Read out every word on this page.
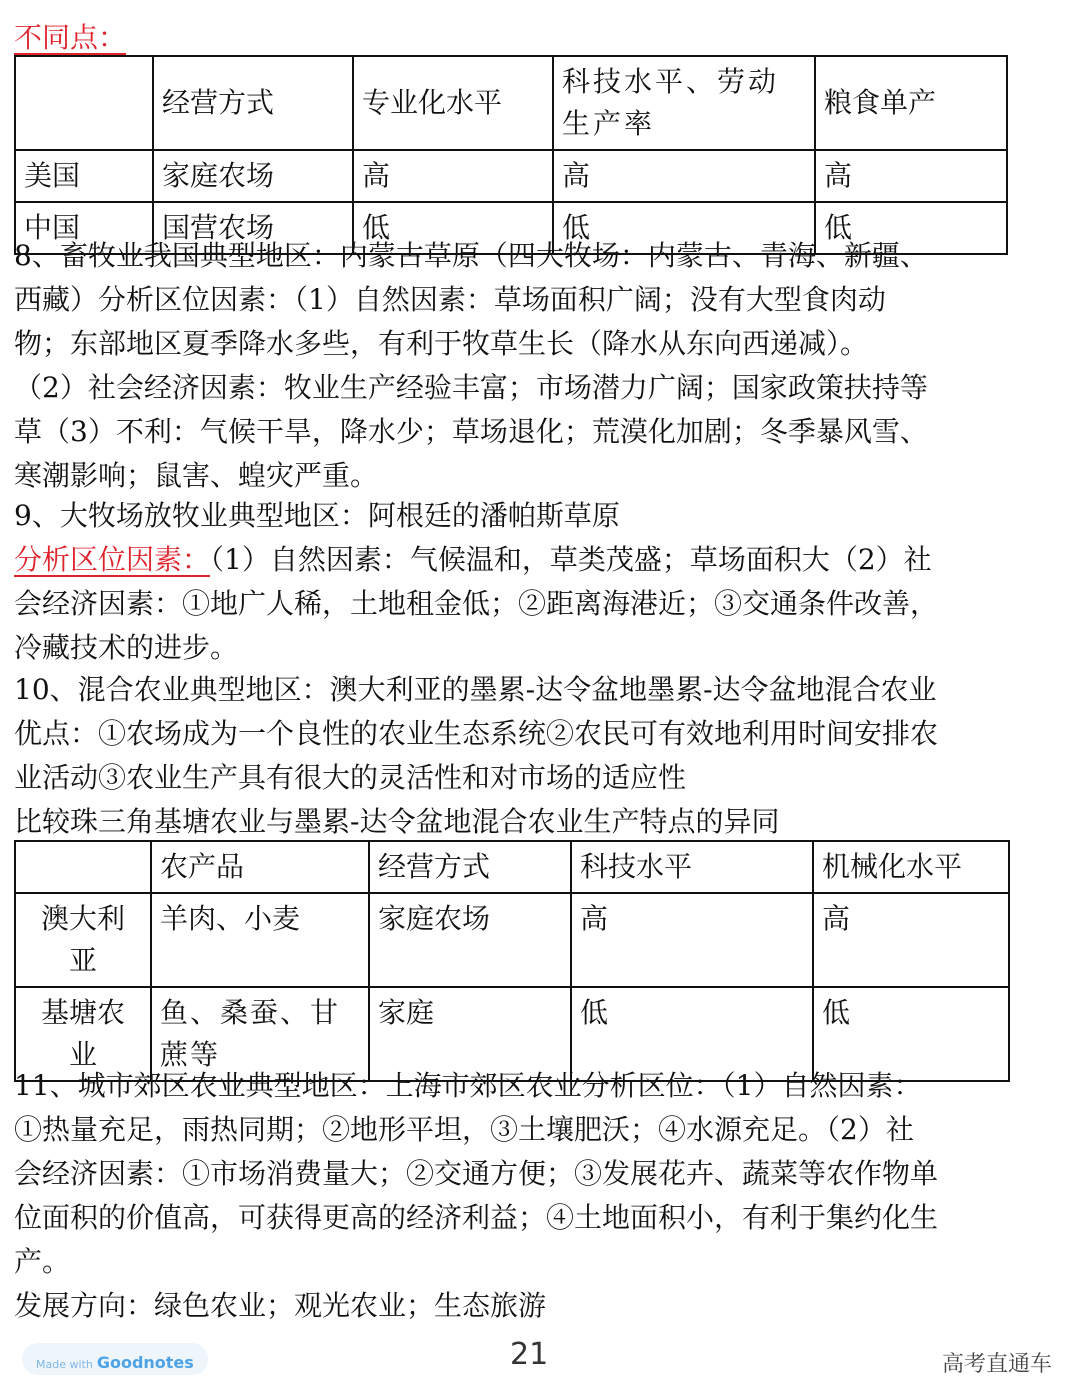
不同点：
	经营方式	专业化水平	科技水平、劳动生产率	粮食单产
美国	家庭农场	高	高	高
中国	国营农场	低	低	低
8、畜牧业我国典型地区：内蒙古草原（四大牧场：内蒙古、青海、新疆、
西藏）分析区位因素：（1）自然因素：草场面积广阔；没有大型食肉动
物；东部地区夏季降水多些，有利于牧草生长（降水从东向西递减）。
（2）社会经济因素：牧业生产经验丰富；市场潜力广阔；国家政策扶持等
草（3）不利：气候干旱，降水少；草场退化；荒漠化加剧；冬季暴风雪、
寒潮影响；鼠害、蝗灾严重。
9、大牧场放牧业典型地区：阿根廷的潘帕斯草原
分析区位因素：（1）自然因素：气候温和，草类茂盛；草场面积大（2）社
会经济因素：①地广人稀，土地租金低；②距离海港近；③交通条件改善，
冷藏技术的进步。
10、混合农业典型地区：澳大利亚的墨累-达令盆地墨累-达令盆地混合农业
优点：①农场成为一个良性的农业生态系统②农民可有效地利用时间安排农
业活动③农业生产具有很大的灵活性和对市场的适应性
比较珠三角基塘农业与墨累-达令盆地混合农业生产特点的异同
	农产品	经营方式	科技水平	机械化水平
澳大利亚	羊肉、小麦	家庭农场	高	高
基塘农业	鱼、桑蚕、甘蔗等	家庭	低	低
11、城市郊区农业典型地区：上海市郊区农业分析区位：（1）自然因素：
①热量充足，雨热同期；②地形平坦，③土壤肥沃；④水源充足。（2）社
会经济因素：①市场消费量大；②交通方便；③发展花卉、蔬菜等农作物单
位面积的价值高，可获得更高的经济利益；④土地面积小，有利于集约化生
产。
发展方向：绿色农业；观光农业；生态旅游
Made with Goodnotes	21	高考直通车
